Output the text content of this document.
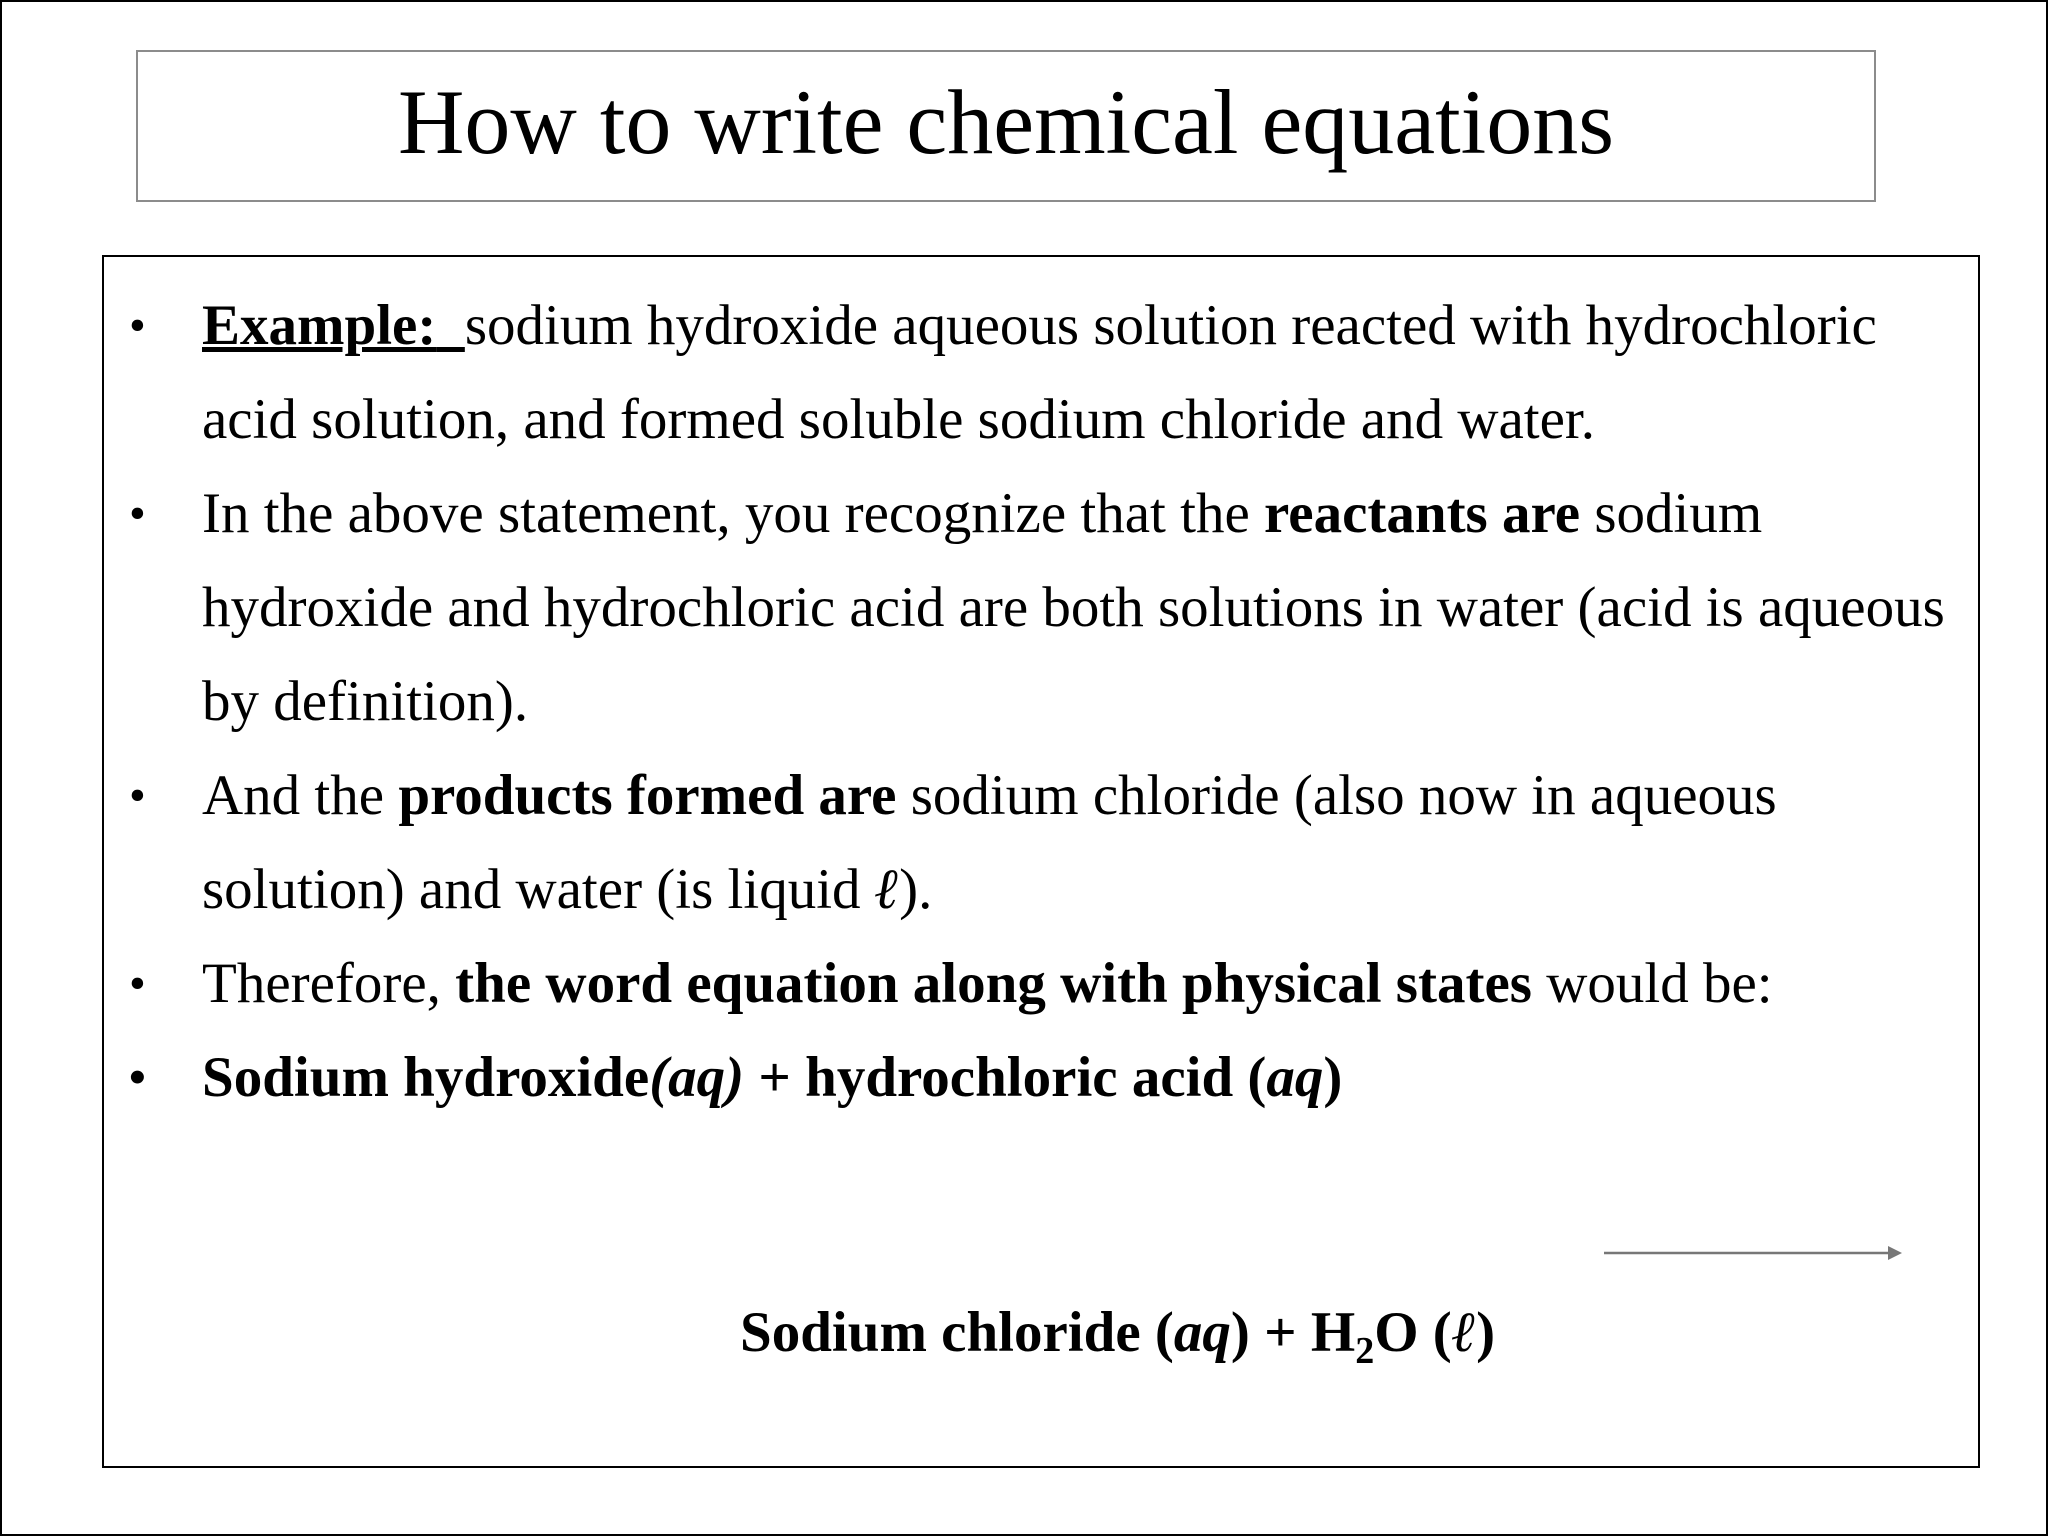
How to write chemical equations
• Example: sodium hydroxide aqueous solution reacted with hydrochloric acid solution, and formed soluble sodium chloride and water.
• In the above statement, you recognize that the reactants are sodium hydroxide and hydrochloric acid are both solutions in water (acid is aqueous by definition).
• And the products formed are sodium chloride (also now in aqueous solution) and water (is liquid ℓ).
• Therefore, the word equation along with physical states would be:
• Sodium hydroxide(aq) + hydrochloric acid (aq)
Sodium chloride $(aq) + H_2O$ (ℓ)
